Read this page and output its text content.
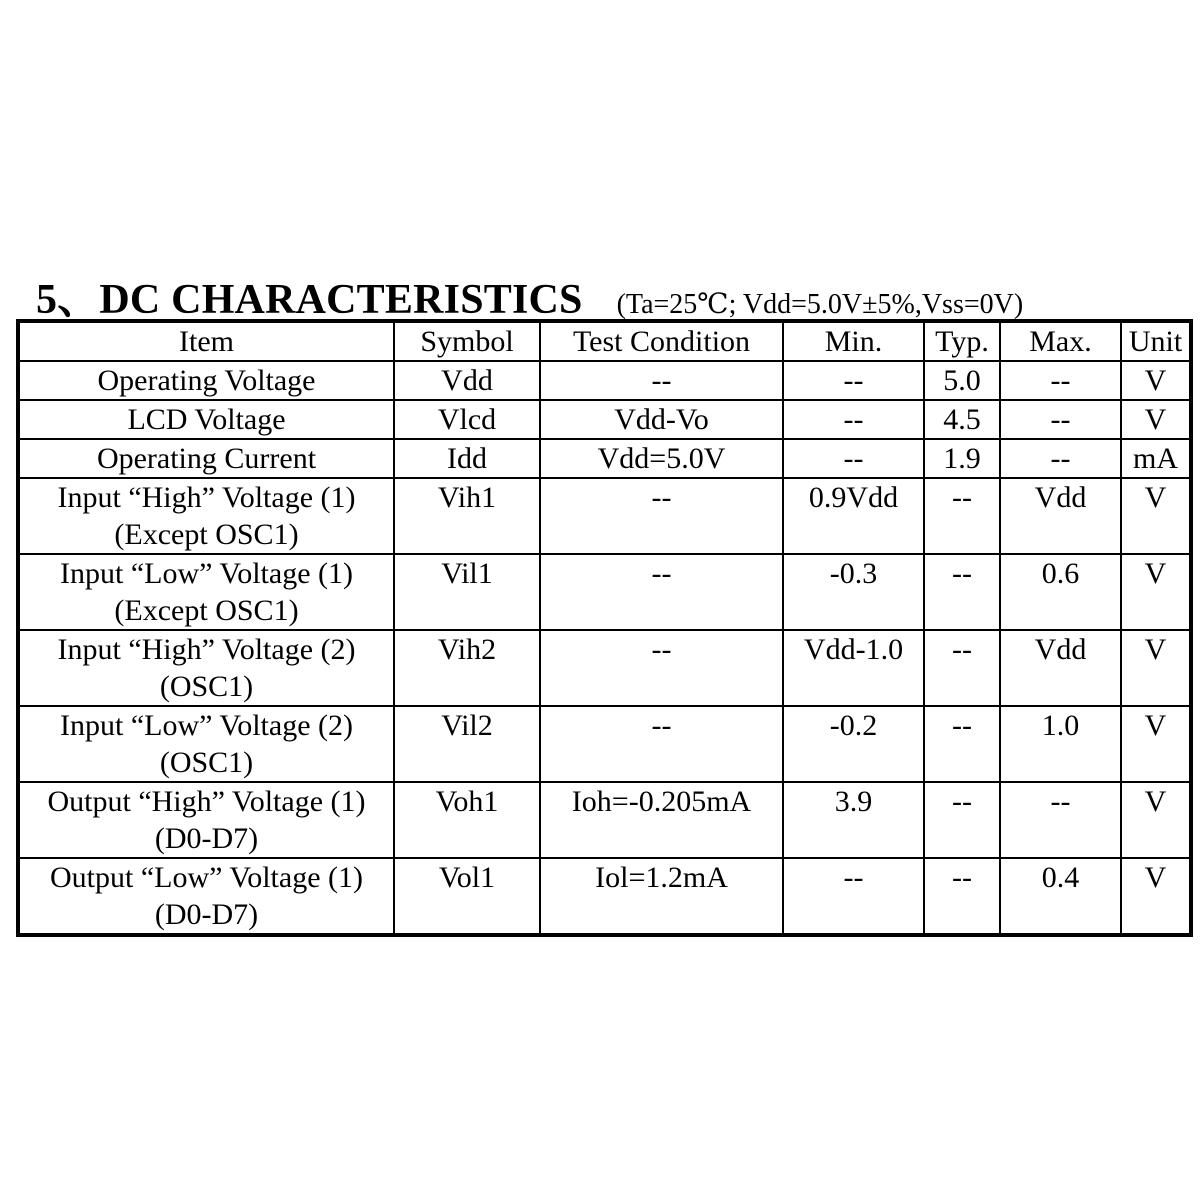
5、DC CHARACTERISTICS (Ta=25℃; Vdd=5.0V±5%,Vss=0V)
Item	Symbol	Test Condition	Min.	Typ.	Max.	Unit
Operating Voltage	Vdd	--	--	5.0	--	V
LCD Voltage	Vlcd	Vdd-Vo	--	4.5	--	V
Operating Current	Idd	Vdd=5.0V	--	1.9	--	mA
Input “High” Voltage (1)
(Except OSC1)	Vih1	--	0.9Vdd	--	Vdd	V
Input “Low” Voltage (1)
(Except OSC1)	Vil1	--	-0.3	--	0.6	V
Input “High” Voltage (2)
(OSC1)	Vih2	--	Vdd-1.0	--	Vdd	V
Input “Low” Voltage (2)
(OSC1)	Vil2	--	-0.2	--	1.0	V
Output “High” Voltage (1)
(D0-D7)	Voh1	Ioh=-0.205mA	3.9	--	--	V
Output “Low” Voltage (1)
(D0-D7)	Vol1	Iol=1.2mA	--	--	0.4	V
